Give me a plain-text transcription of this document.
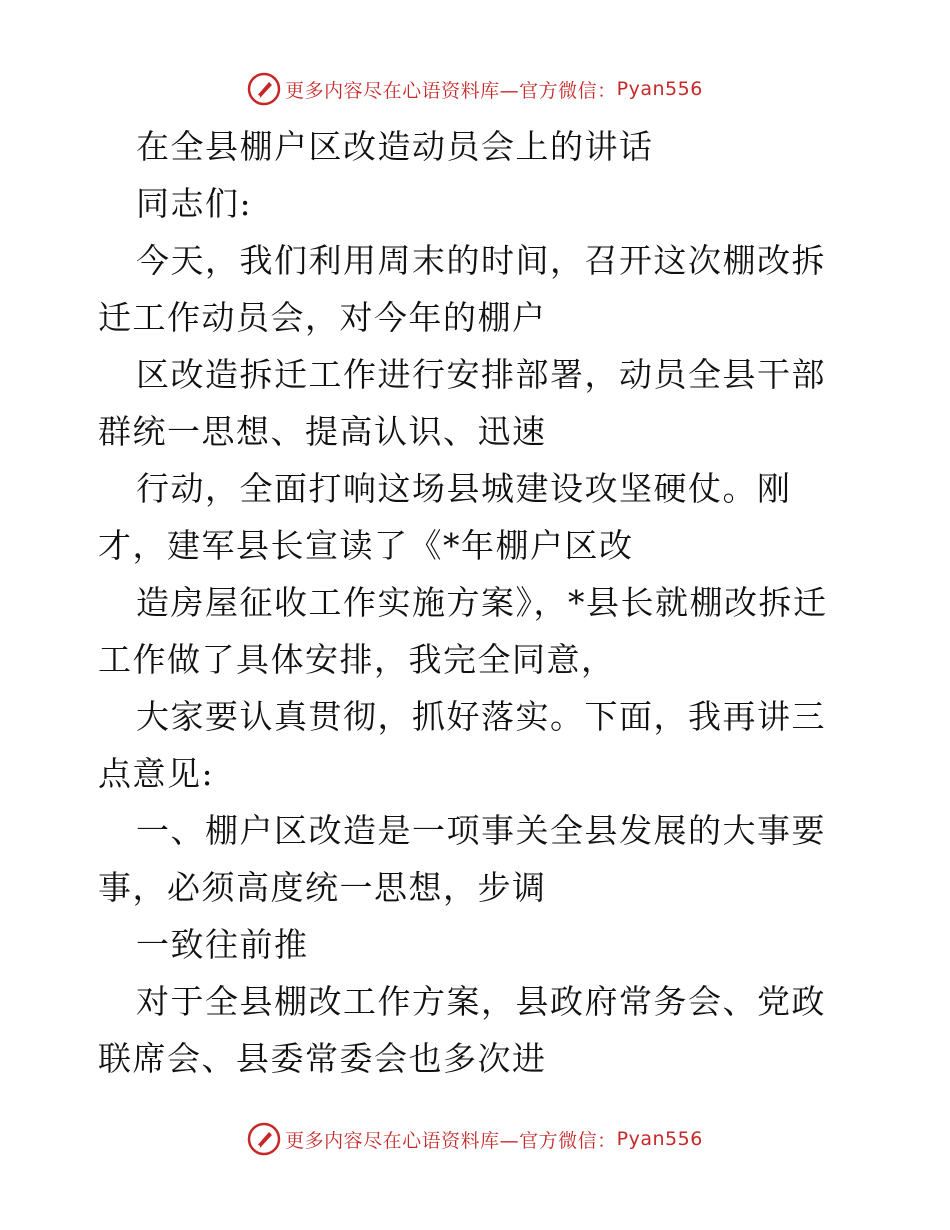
更多内容尽在心语资料库—官方微信： Pyan556

在全县棚户区改造动员会上的讲话

同志们:

今天，我们利用周末的时间，召开这次棚改拆迁工作动员会，对今年的棚户

区改造拆迁工作进行安排部署，动员全县干部群统一思想、提高认识、迅速

行动，全面打响这场县城建设攻坚硬仗。刚才，建军县长宣读了《*年棚户区改

造房屋征收工作实施方案》，*县长就棚改拆迁工作做了具体安排，我完全同意，

大家要认真贯彻，抓好落实。下面，我再讲三点意见:

一、棚户区改造是一项事关全县发展的大事要事，必须高度统一思想，步调

一致往前推

对于全县棚改工作方案，县政府常务会、党政联席会、县委常委会也多次进

更多内容尽在心语资料库—官方微信： Pyan556
